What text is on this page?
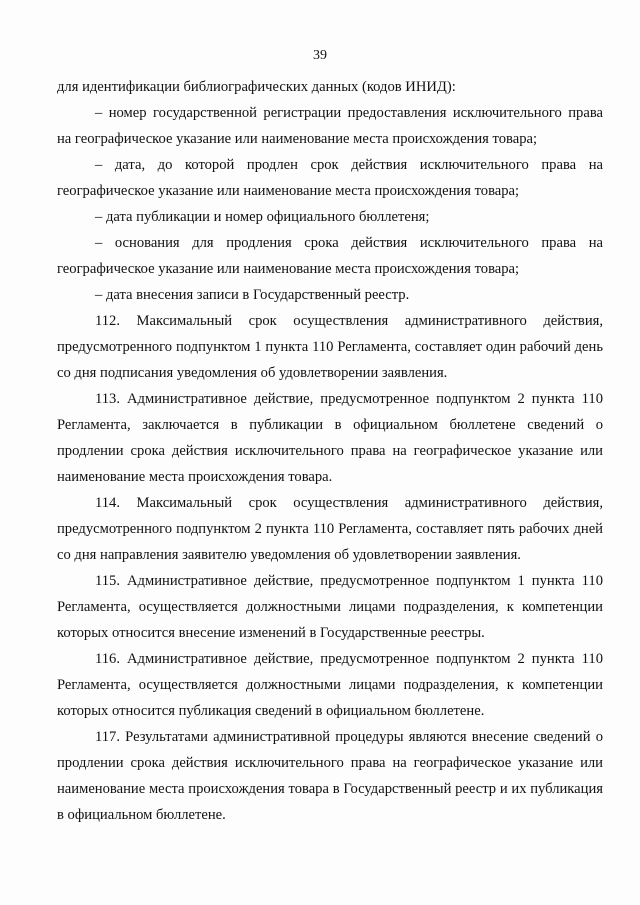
39

для идентификации библиографических данных (кодов ИНИД):

– номер государственной регистрации предоставления исключительного права на географическое указание или наименование места происхождения товара;

– дата, до которой продлен срок действия исключительного права на географическое указание или наименование места происхождения товара;

– дата публикации и номер официального бюллетеня;

– основания для продления срока действия исключительного права на географическое указание или наименование места происхождения товара;

– дата внесения записи в Государственный реестр.

112. Максимальный срок осуществления административного действия, предусмотренного подпунктом 1 пункта 110 Регламента, составляет один рабочий день со дня подписания уведомления об удовлетворении заявления.

113. Административное действие, предусмотренное подпунктом 2 пункта 110 Регламента, заключается в публикации в официальном бюллетене сведений о продлении срока действия исключительного права на географическое указание или наименование места происхождения товара.

114. Максимальный срок осуществления административного действия, предусмотренного подпунктом 2 пункта 110 Регламента, составляет пять рабочих дней со дня направления заявителю уведомления об удовлетворении заявления.

115. Административное действие, предусмотренное подпунктом 1 пункта 110 Регламента, осуществляется должностными лицами подразделения, к компетенции которых относится внесение изменений в Государственные реестры.

116. Административное действие, предусмотренное подпунктом 2 пункта 110 Регламента, осуществляется должностными лицами подразделения, к компетенции которых относится публикация сведений в официальном бюллетене.

117. Результатами административной процедуры являются внесение сведений о продлении срока действия исключительного права на географическое указание или наименование места происхождения товара в Государственный реестр и их публикация в официальном бюллетене.
